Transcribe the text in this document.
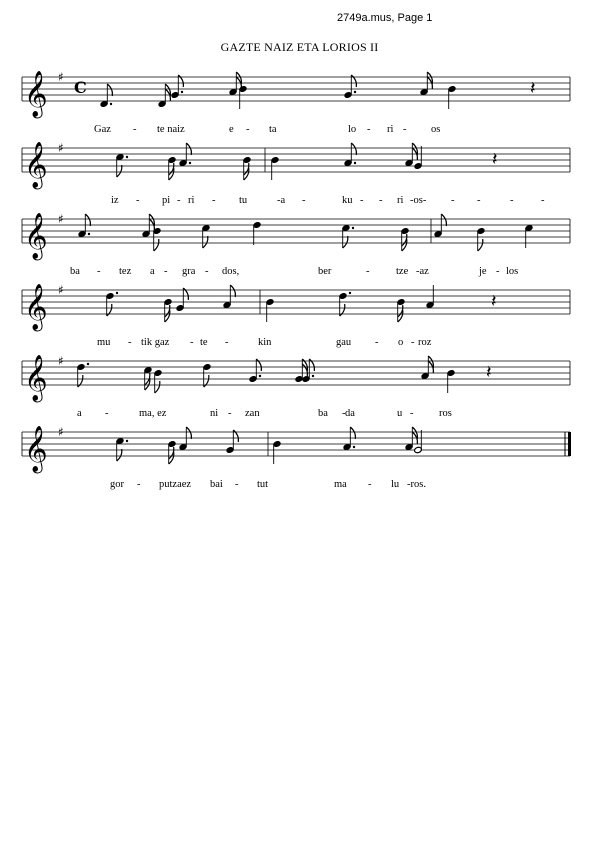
2749a.mus, Page 1
GAZTE NAIZ ETA LORIOS II
𝄞 ♯
C	𝄽
Gaz - te naiz	e - ta	lo - ri - os
𝄞 ♯
𝄽
iz - pi - ri - tu	-a -	ku - - ri -os- - -	-	-
𝄞 ♯
ba - tez a - gra - dos,	ber	-	tze -az	je - los
𝄞 ♯
𝄽
mu - tik gaz - te -	kin	gau - o - roz
𝄞 ♯
𝄽
a -	ma, ez	ni - zan	ba - da	u - ros
𝄞 ♯
gor - putzaez bai - tut	ma - lu -ros.
